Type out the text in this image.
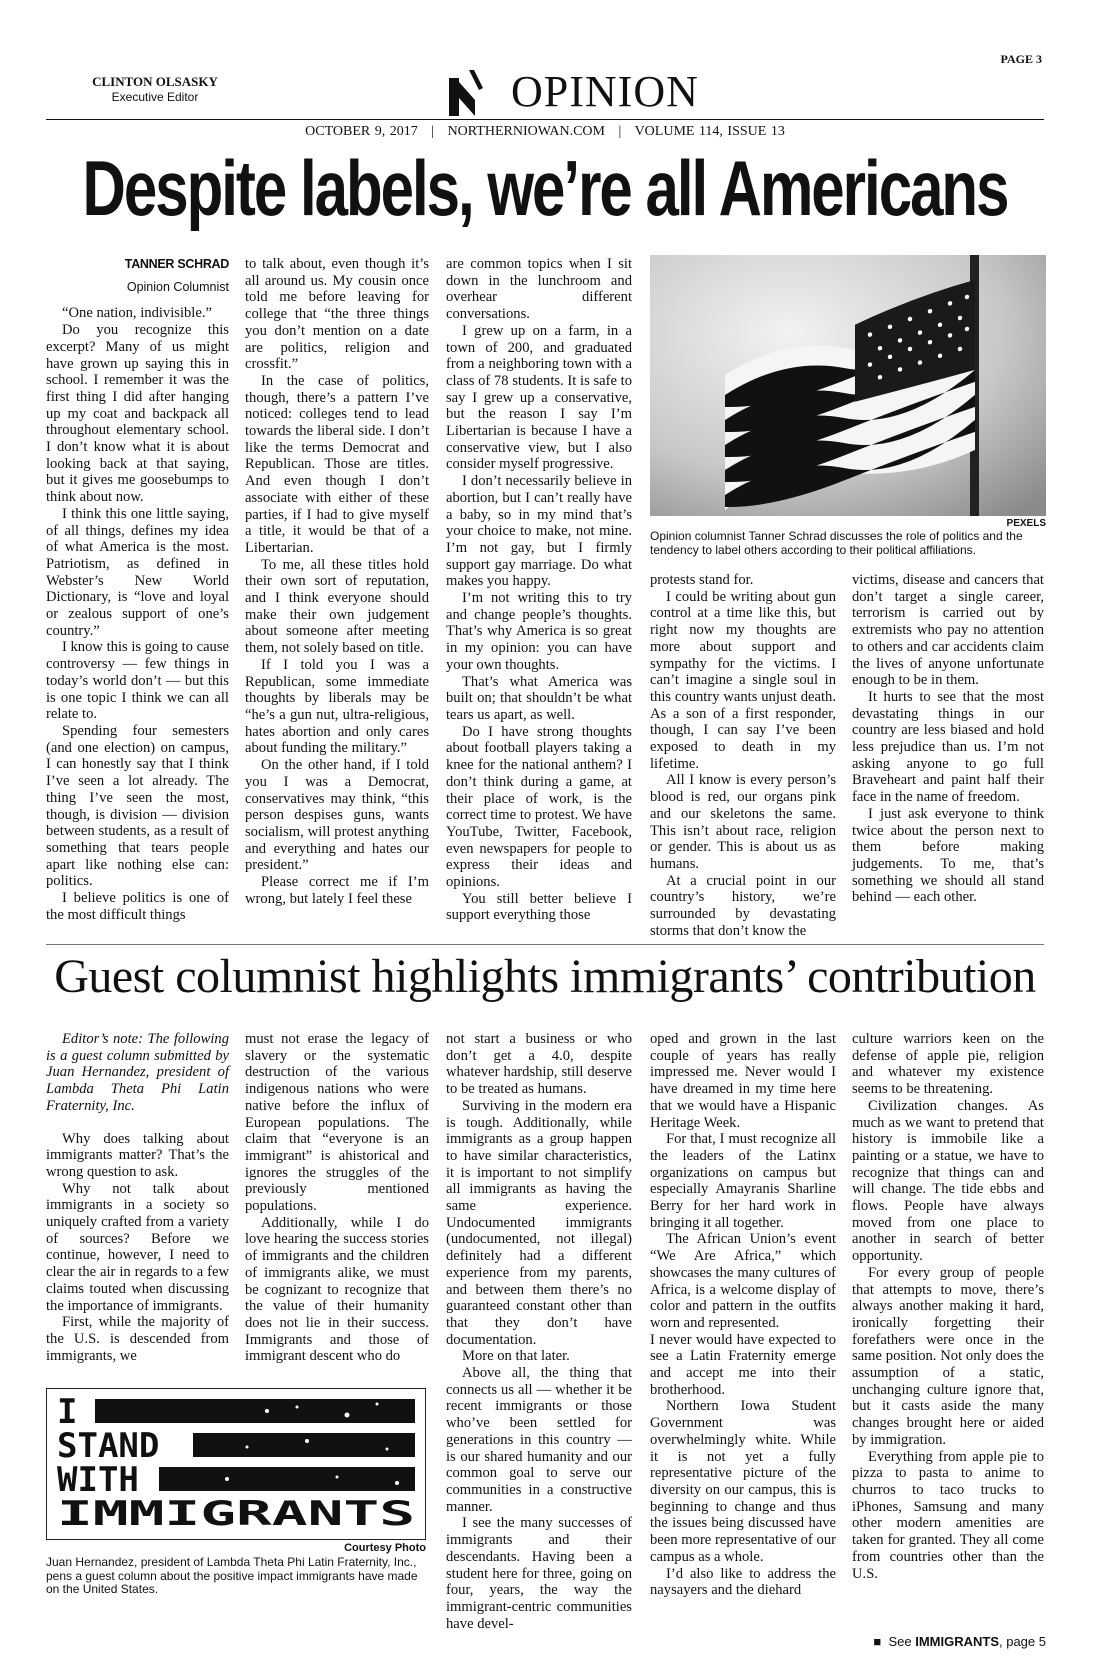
CLINTON OLSASKY
Executive Editor
PAGE 3
OPINION
OCTOBER 9, 2017 | NORTHERNIOWAN.COM | VOLUME 114, ISSUE 13
Despite labels, we’re all Americans
TANNER SCHRAD
Opinion Columnist

“One nation, indivisible.”

Do you recognize this excerpt? Many of us might have grown up saying this in school. I remember it was the first thing I did after hanging up my coat and backpack all throughout elementary school. I don’t know what it is about looking back at that saying, but it gives me goosebumps to think about now.

I think this one little saying, of all things, defines my idea of what America is the most. Patriotism, as defined in Webster’s New World Dictionary, is “love and loyal or zealous support of one’s country.”

I know this is going to cause controversy — few things in today’s world don’t — but this is one topic I think we can all relate to.

Spending four semesters (and one election) on campus, I can honestly say that I think I’ve seen a lot already. The thing I’ve seen the most, though, is division — division between students, as a result of something that tears people apart like nothing else can: politics.

I believe politics is one of the most difficult things

to talk about, even though it’s all around us. My cousin once told me before leaving for college that “the three things you don’t mention on a date are politics, religion and crossfit.”

In the case of politics, though, there’s a pattern I’ve noticed: colleges tend to lead towards the liberal side. I don’t like the terms Democrat and Republican. Those are titles. And even though I don’t associate with either of these parties, if I had to give myself a title, it would be that of a Libertarian.

To me, all these titles hold their own sort of reputation, and I think everyone should make their own judgement about someone after meeting them, not solely based on title.

If I told you I was a Republican, some immediate thoughts by liberals may be “he’s a gun nut, ultra-religious, hates abortion and only cares about funding the military.”

On the other hand, if I told you I was a Democrat, conservatives may think, “this person despises guns, wants socialism, will protest anything and everything and hates our president.”

Please correct me if I’m wrong, but lately I feel these

are common topics when I sit down in the lunchroom and overhear different conversations.

I grew up on a farm, in a town of 200, and graduated from a neighboring town with a class of 78 students. It is safe to say I grew up a conservative, but the reason I say I’m Libertarian is because I have a conservative view, but I also consider myself progressive.

I don’t necessarily believe in abortion, but I can’t really have a baby, so in my mind that’s your choice to make, not mine. I’m not gay, but I firmly support gay marriage. Do what makes you happy.

I’m not writing this to try and change people’s thoughts. That’s why America is so great in my opinion: you can have your own thoughts.

That’s what America was built on; that shouldn’t be what tears us apart, as well.

Do I have strong thoughts about football players taking a knee for the national anthem? I don’t think during a game, at their place of work, is the correct time to protest. We have YouTube, Twitter, Facebook, even newspapers for people to express their ideas and opinions.

You still better believe I support everything those

PEXELS
Opinion columnist Tanner Schrad discusses the role of politics and the tendency to label others according to their political affiliations.

protests stand for.

I could be writing about gun control at a time like this, but right now my thoughts are more about support and sympathy for the victims. I can’t imagine a single soul in this country wants unjust death. As a son of a first responder, though, I can say I’ve been exposed to death in my lifetime.

All I know is every person’s blood is red, our organs pink and our skeletons the same. This isn’t about race, religion or gender. This is about us as humans.

At a crucial point in our country’s history, we’re surrounded by devastating storms that don’t know the

victims, disease and cancers that don’t target a single career, terrorism is carried out by extremists who pay no attention to others and car accidents claim the lives of anyone unfortunate enough to be in them.

It hurts to see that the most devastating things in our country are less biased and hold less prejudice than us. I’m not asking anyone to go full Braveheart and paint half their face in the name of freedom.

I just ask everyone to think twice about the person next to them before making judgements. To me, that’s something we should all stand behind — each other.

Guest columnist highlights immigrants’ contribution

Editor’s note: The following is a guest column submitted by Juan Hernandez, president of Lambda Theta Phi Latin Fraternity, Inc.

Why does talking about immigrants matter? That’s the wrong question to ask.

Why not talk about immigrants in a society so uniquely crafted from a variety of sources? Before we continue, however, I need to clear the air in regards to a few claims touted when discussing the importance of immigrants.

First, while the majority of the U.S. is descended from immigrants, we

must not erase the legacy of slavery or the systematic destruction of the various indigenous nations who were native before the influx of European populations. The claim that “everyone is an immigrant” is ahistorical and ignores the struggles of the previously mentioned populations.

Additionally, while I do love hearing the success stories of immigrants and the children of immigrants alike, we must be cognizant to recognize that the value of their humanity does not lie in their success. Immigrants and those of immigrant descent who do

I
STAND
WITH
IMMIGRANTS
Courtesy Photo
Juan Hernandez, president of Lambda Theta Phi Latin Fraternity, Inc., pens a guest column about the positive impact immigrants have made on the United States.

not start a business or who don’t get a 4.0, despite whatever hardship, still deserve to be treated as humans.

Surviving in the modern era is tough. Additionally, while immigrants as a group happen to have similar characteristics, it is important to not simplify all immigrants as having the same experience. Undocumented immigrants (undocumented, not illegal) definitely had a different experience from my parents, and between them there’s no guaranteed constant other than that they don’t have documentation.

More on that later.

Above all, the thing that connects us all — whether it be recent immigrants or those who’ve been settled for generations in this country — is our shared humanity and our common goal to serve our communities in a constructive manner.

I see the many successes of immigrants and their descendants. Having been a student here for three, going on four, years, the way the immigrant-centric communities have devel-

oped and grown in the last couple of years has really impressed me. Never would I have dreamed in my time here that we would have a Hispanic Heritage Week.

For that, I must recognize all the leaders of the Latinx organizations on campus but especially Amayranis Sharline Berry for her hard work in bringing it all together.

The African Union’s event “We Are Africa,” which showcases the many cultures of Africa, is a welcome display of color and pattern in the outfits worn and represented.

I never would have expected to see a Latin Fraternity emerge and accept me into their brotherhood.

Northern Iowa Student Government was overwhelmingly white. While it is not yet a fully representative picture of the diversity on our campus, this is beginning to change and thus the issues being discussed have been more representative of our campus as a whole.

I’d also like to address the naysayers and the diehard

culture warriors keen on the defense of apple pie, religion and whatever my existence seems to be threatening.

Civilization changes. As much as we want to pretend that history is immobile like a painting or a statue, we have to recognize that things can and will change. The tide ebbs and flows. People have always moved from one place to another in search of better opportunity.

For every group of people that attempts to move, there’s always another making it hard, ironically forgetting their forefathers were once in the same position. Not only does the assumption of a static, unchanging culture ignore that, but it casts aside the many changes brought here or aided by immigration.

Everything from apple pie to pizza to pasta to anime to churros to taco trucks to iPhones, Samsung and many other modern amenities are taken for granted. They all come from countries other than the U.S.

■ See IMMIGRANTS, page 5
